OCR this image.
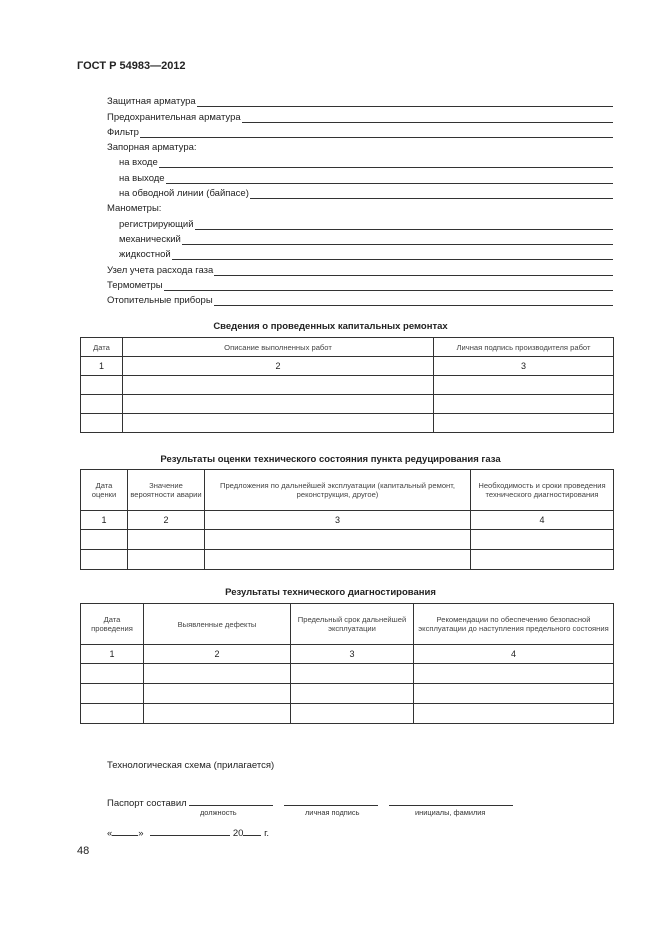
ГОСТ Р 54983—2012
Защитная арматура
Предохранительная арматура
Фильтр
Запорная арматура:
на входе
на выходе
на обводной линии (байпасе)
Манометры:
регистрирующий
механический
жидкостной
Узел учета расхода газа
Термометры
Отопительные приборы
Сведения о проведенных капитальных ремонтах
Дата	Описание выполненных работ	Личная подпись производителя работ
1	2	3

Результаты оценки технического состояния пункта редуцирования газа
Дата оценки	Значение вероятности аварии	Предложения по дальнейшей эксплуатации (капитальный ремонт, реконструкция, другое)	Необходимость и сроки проведения технического диагностирования
1	2	3	4

Результаты технического диагностирования
Дата проведения	Выявленные дефекты	Предельный срок дальнейшей эксплуатации	Рекомендации по обеспечению безопасной эксплуатации до наступления предельного состояния
1	2	3	4

Технологическая схема (прилагается)
Паспорт составил
должность	личная подпись	инициалы, фамилия
«	»	20 г.
48
